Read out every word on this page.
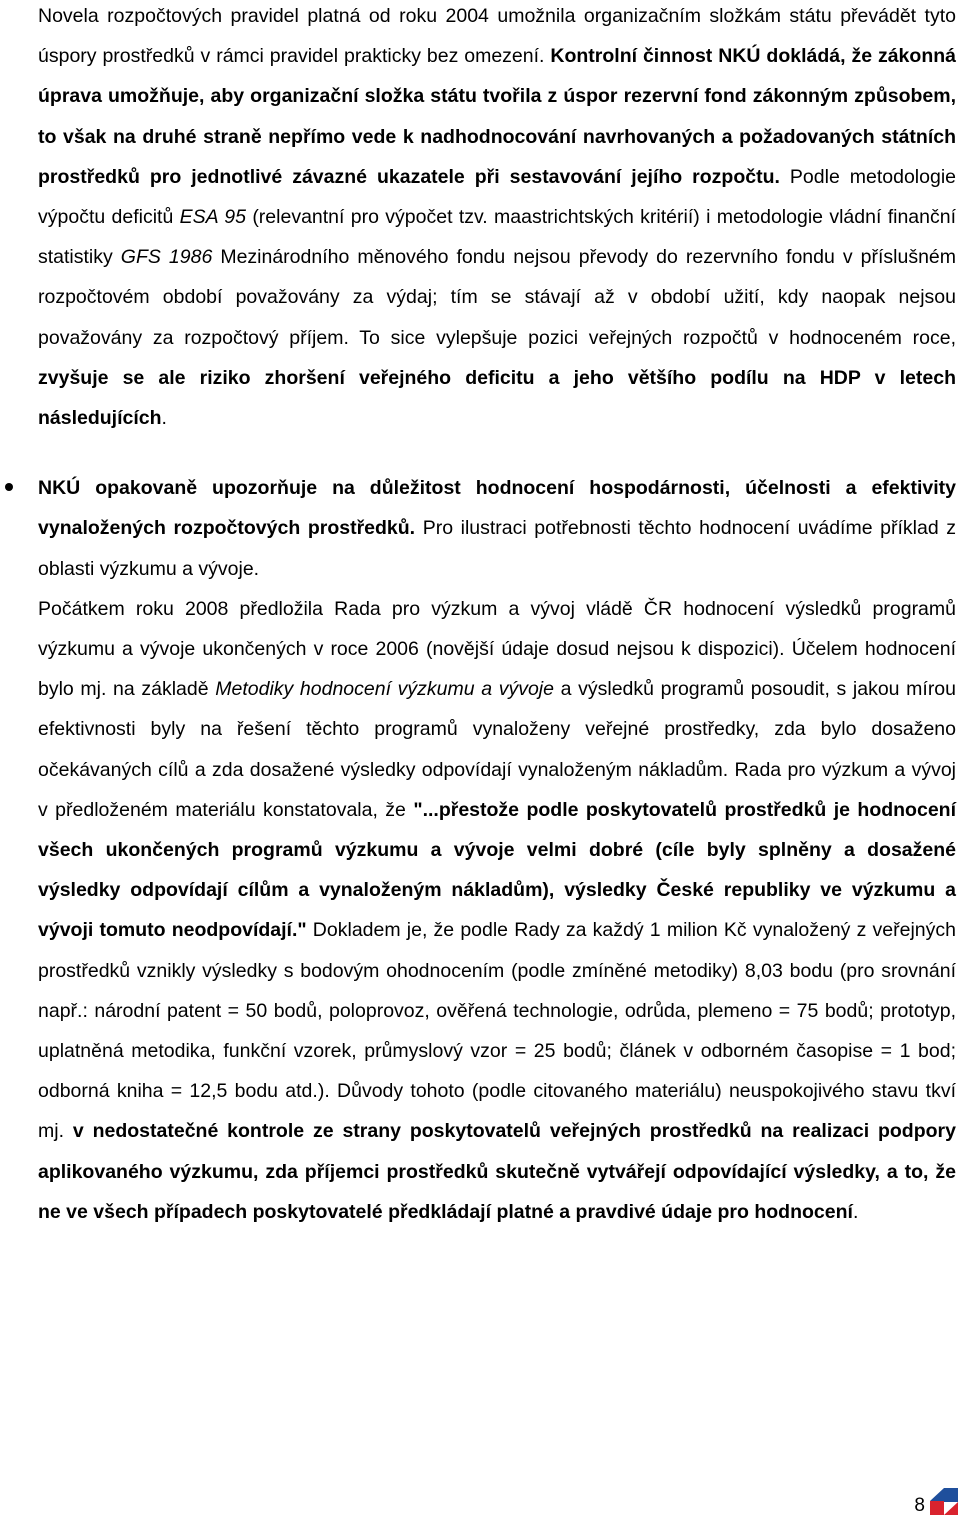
Novela rozpočtových pravidel platná od roku 2004 umožnila organizačním složkám státu převádět tyto úspory prostředků v rámci pravidel prakticky bez omezení. Kontrolní činnost NKÚ dokládá, že zákonná úprava umožňuje, aby organizační složka státu tvořila z úspor rezervní fond zákonným způsobem, to však na druhé straně nepřímo vede k nadhodnocování navrhovaných a požadovaných státních prostředků pro jednotlivé závazné ukazatele při sestavování jejího rozpočtu. Podle metodologie výpočtu deficitů ESA 95 (relevantní pro výpočet tzv. maastrichtských kritérií) i metodologie vládní finanční statistiky GFS 1986 Mezinárodního měnového fondu nejsou převody do rezervního fondu v příslušném rozpočtovém období považovány za výdaj; tím se stávají až v období užití, kdy naopak nejsou považovány za rozpočtový příjem. To sice vylepšuje pozici veřejných rozpočtů v hodnoceném roce, zvyšuje se ale riziko zhoršení veřejného deficitu a jeho většího podílu na HDP v letech následujících.

NKÚ opakovaně upozorňuje na důležitost hodnocení hospodárnosti, účelnosti a efektivity vynaložených rozpočtových prostředků. Pro ilustraci potřebnosti těchto hodnocení uvádíme příklad z oblasti výzkumu a vývoje.

Počátkem roku 2008 předložila Rada pro výzkum a vývoj vládě ČR hodnocení výsledků programů výzkumu a vývoje ukončených v roce 2006 (novější údaje dosud nejsou k dispozici). Účelem hodnocení bylo mj. na základě Metodiky hodnocení výzkumu a vývoje a výsledků programů posoudit, s jakou mírou efektivnosti byly na řešení těchto programů vynaloženy veřejné prostředky, zda bylo dosaženo očekávaných cílů a zda dosažené výsledky odpovídají vynaloženým nákladům. Rada pro výzkum a vývoj v předloženém materiálu konstatovala, že "...přestože podle poskytovatelů prostředků je hodnocení všech ukončených programů výzkumu a vývoje velmi dobré (cíle byly splněny a dosažené výsledky odpovídají cílům a vynaloženým nákladům), výsledky České republiky ve výzkumu a vývoji tomuto neodpovídají." Dokladem je, že podle Rady za každý 1 milion Kč vynaložený z veřejných prostředků vznikly výsledky s bodovým ohodnocením (podle zmíněné metodiky) 8,03 bodu (pro srovnání např.: národní patent = 50 bodů, poloprovoz, ověřená technologie, odrůda, plemeno = 75 bodů; prototyp, uplatněná metodika, funkční vzorek, průmyslový vzor = 25 bodů; článek v odborném časopise = 1 bod; odborná kniha = 12,5 bodu atd.). Důvody tohoto (podle citovaného materiálu) neuspokojivého stavu tkví mj. v nedostatečné kontrole ze strany poskytovatelů veřejných prostředků na realizaci podpory aplikovaného výzkumu, zda příjemci prostředků skutečně vytvářejí odpovídající výsledky, a to, že ne ve všech případech poskytovatelé předkládají platné a pravdivé údaje pro hodnocení.

8
